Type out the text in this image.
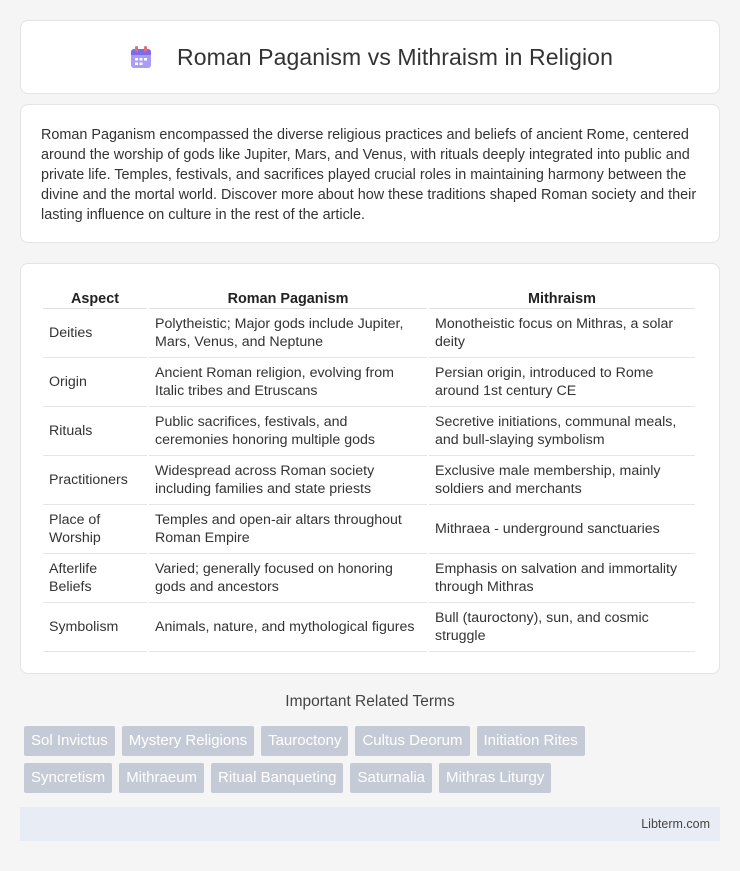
Roman Paganism vs Mithraism in Religion

Roman Paganism encompassed the diverse religious practices and beliefs of ancient Rome, centered around the worship of gods like Jupiter, Mars, and Venus, with rituals deeply integrated into public and private life. Temples, festivals, and sacrifices played crucial roles in maintaining harmony between the divine and the mortal world. Discover more about how these traditions shaped Roman society and their lasting influence on culture in the rest of the article.

Aspect	Roman Paganism	Mithraism
Deities	Polytheistic; Major gods include Jupiter, Mars, Venus, and Neptune	Monotheistic focus on Mithras, a solar deity
Origin	Ancient Roman religion, evolving from Italic tribes and Etruscans	Persian origin, introduced to Rome around 1st century CE
Rituals	Public sacrifices, festivals, and ceremonies honoring multiple gods	Secretive initiations, communal meals, and bull-slaying symbolism
Practitioners	Widespread across Roman society including families and state priests	Exclusive male membership, mainly soldiers and merchants
Place of Worship	Temples and open-air altars throughout Roman Empire	Mithraea - underground sanctuaries
Afterlife Beliefs	Varied; generally focused on honoring gods and ancestors	Emphasis on salvation and immortality through Mithras
Symbolism	Animals, nature, and mythological figures	Bull (tauroctony), sun, and cosmic struggle
Important Related Terms
Sol Invictus	Mystery Religions	Tauroctony	Cultus Deorum	Initiation Rites
Syncretism	Mithraeum	Ritual Banqueting	Saturnalia	Mithras Liturgy
Libterm.com
